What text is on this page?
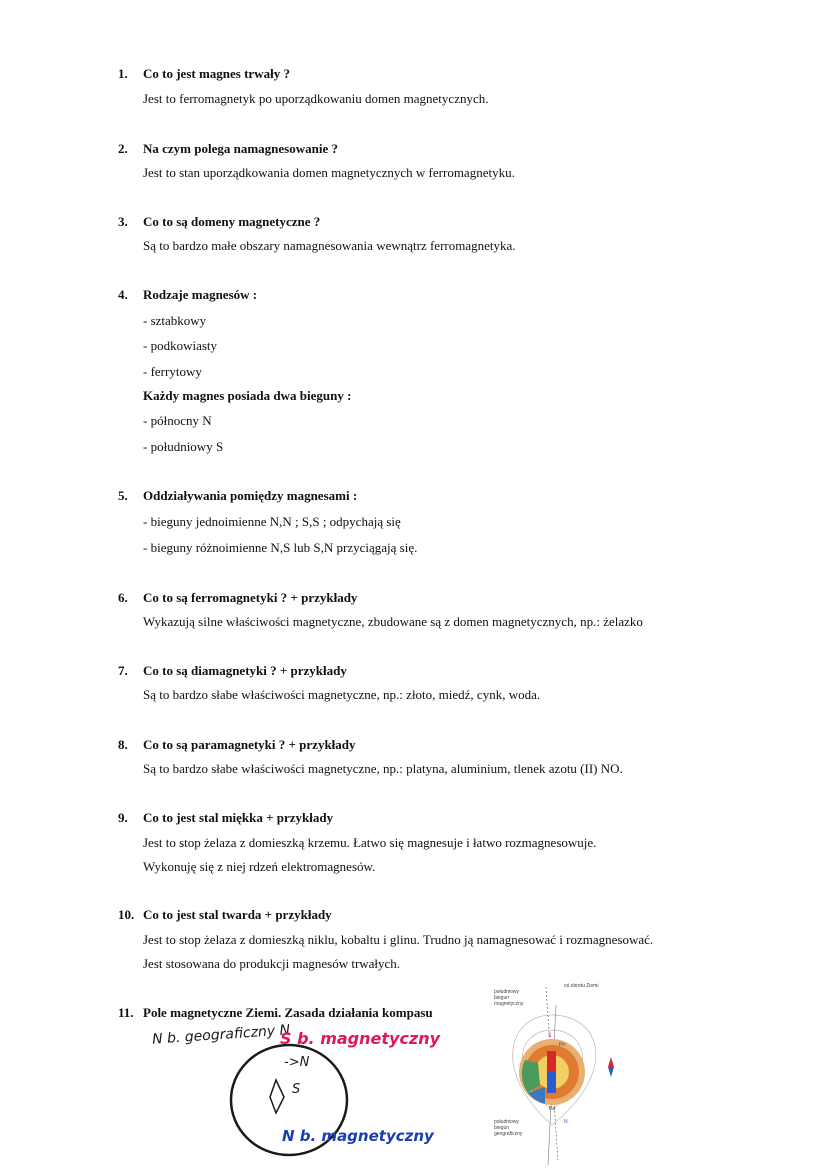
1. Co to jest magnes trwały ?
Jest to ferromagnetyk po uporządkowaniu domen magnetycznych.
2. Na czym polega namagnesowanie ?
Jest to stan uporządkowania domen magnetycznych w ferromagnetyku.
3. Co to są domeny magnetyczne ?
Są to bardzo małe obszary namagnesowania wewnątrz ferromagnetyka.
4. Rodzaje magnesów :
- sztabkowy
- podkowiasty
- ferrytowy
Każdy magnes posiada dwa bieguny :
- północny N
- południowy S
5. Oddziaływania pomiędzy magnesami :
- bieguny jednoimienne N,N ; S,S ; odpychają się
- bieguny różnoimienne N,S lub S,N przyciągają się.
6. Co to są ferromagnetyki ? + przykłady
Wykazują silne właściwości magnetyczne, zbudowane są z domen magnetycznych, np.: żelazko
7. Co to są diamagnetyki ? + przykłady
Są to bardzo słabe właściwości magnetyczne, np.: złoto, miedź, cynk, woda.
8. Co to są paramagnetyki ? + przykłady
Są to bardzo słabe właściwości magnetyczne, np.: platyna, aluminium, tlenek azotu (II) NO.
9. Co to jest stal miękka + przykłady
Jest to stop żelaza z domieszką krzemu. Łatwo się magnesuje i łatwo rozmagnesowuje.
Wykonuję się z niej rdzeń elektromagnesów.
10. Co to jest stal twarda + przykłady
Jest to stop żelaza z domieszką niklu, kobaltu i glinu. Trudno ją namagnesować i rozmagnesować.
Jest stosowana do produkcji magnesów trwałych.
11. Pole magnetyczne Ziemi. Zasada działania kompasu
N b. geograficzny N
S b. magnetyczny
->N
S
N b. magnetyczny
oś obrotu Ziemi
południowy
biegun
magnetyczny
południowy
biegun
geograficzny
Pn
Pd
S
N
